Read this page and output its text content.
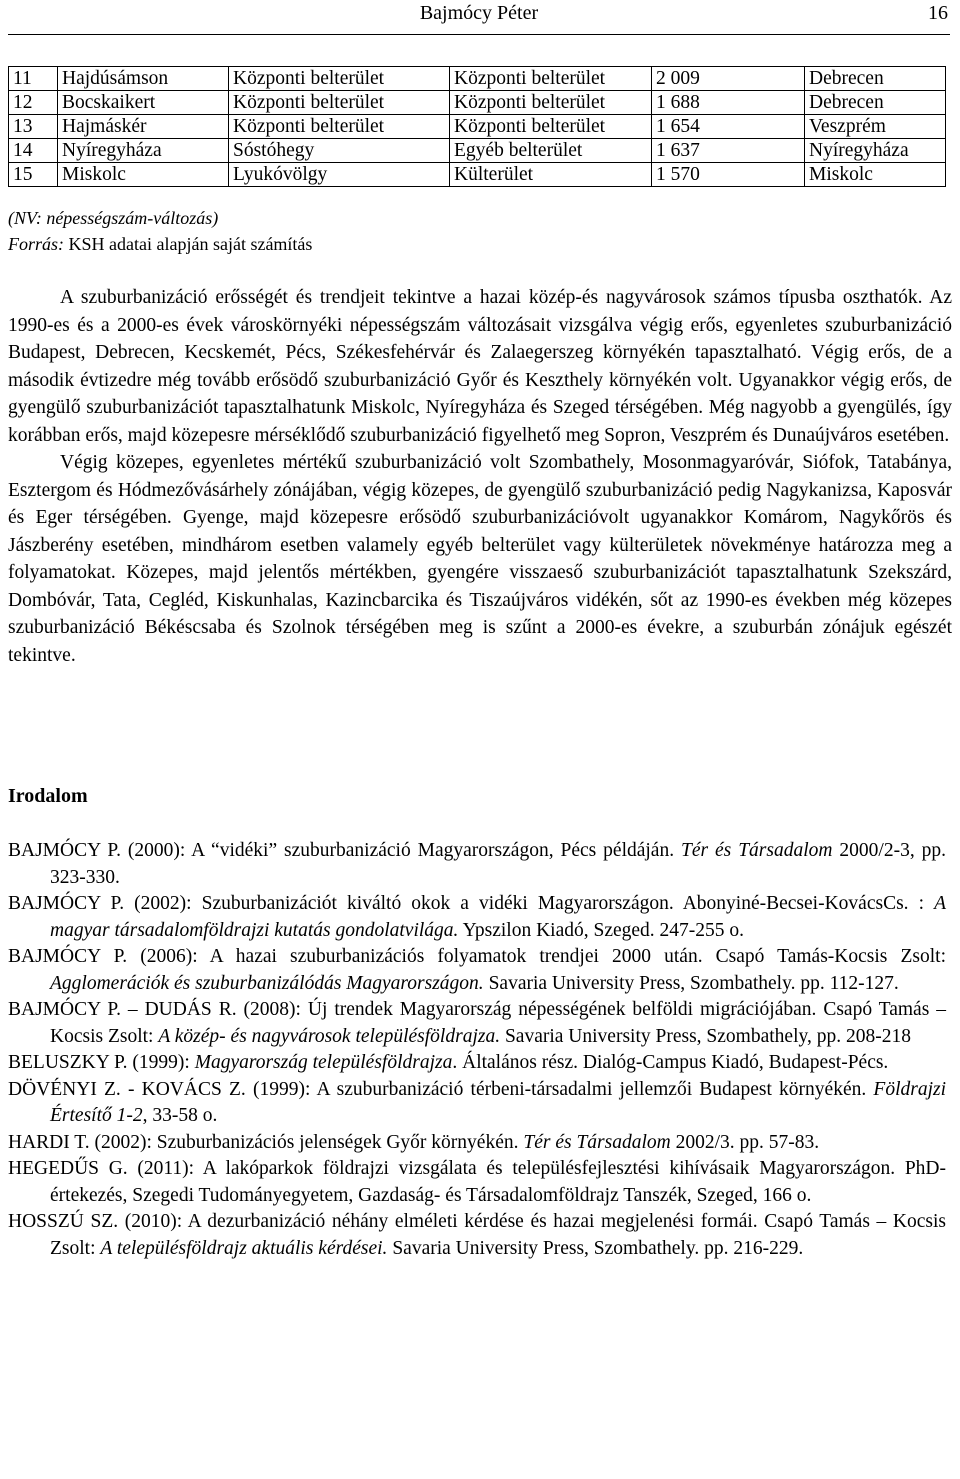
Bajmócy Péter	16
11	Hajdúsámson	Központi belterület	Központi belterület	2 009	Debrecen
12	Bocskaikert	Központi belterület	Központi belterület	1 688	Debrecen
13	Hajmáskér	Központi belterület	Központi belterület	1 654	Veszprém
14	Nyíregyháza	Sóstóhegy	Egyéb belterület	1 637	Nyíregyháza
15	Miskolc	Lyukóvölgy	Külterület	1 570	Miskolc
(NV: népességszám-változás)
Forrás: KSH adatai alapján saját számítás

A szuburbanizáció erősségét és trendjeit tekintve a hazai közép-és nagyvárosok számos típusba oszthatók. Az 1990-es és a 2000-es évek városkörnyéki népességszám változásait vizsgálva végig erős, egyenletes szuburbanizáció Budapest, Debrecen, Kecskemét, Pécs, Székesfehérvár és Zalaegerszeg környékén tapasztalható. Végig erős, de a második évtizedre még tovább erősödő szuburbanizáció Győr és Keszthely környékén volt. Ugyanakkor végig erős, de gyengülő szuburbanizációt tapasztalhatunk Miskolc, Nyíregyháza és Szeged térségében. Még nagyobb a gyengülés, így korábban erős, majd közepesre mérséklődő szuburbanizáció figyelhető meg Sopron, Veszprém és Dunaújváros esetében.

Végig közepes, egyenletes mértékű szuburbanizáció volt Szombathely, Mosonmagyaróvár, Siófok, Tatabánya, Esztergom és Hódmezővásárhely zónájában, végig közepes, de gyengülő szuburbanizáció pedig Nagykanizsa, Kaposvár és Eger térségében. Gyenge, majd közepesre erősödő szuburbanizációvolt ugyanakkor Komárom, Nagykőrös és Jászberény esetében, mindhárom esetben valamely egyéb belterület vagy külterületek növekménye határozza meg a folyamatokat. Közepes, majd jelentős mértékben, gyengére visszaeső szuburbanizációt tapasztalhatunk Szekszárd, Dombóvár, Tata, Cegléd, Kiskunhalas, Kazincbarcika és Tiszaújváros vidékén, sőt az 1990-es években még közepes szuburbanizáció Békéscsaba és Szolnok térségében meg is szűnt a 2000-es évekre, a szuburbán zónájuk egészét tekintve.

Irodalom

BAJMÓCY P. (2000): A “vidéki” szuburbanizáció Magyarországon, Pécs példáján. Tér és Társadalom 2000/2-3, pp. 323-330.

BAJMÓCY P. (2002): Szuburbanizációt kiváltó okok a vidéki Magyarországon. Abonyiné-Becsei-KovácsCs. : A magyar társadalomföldrajzi kutatás gondolatvilága. Ypszilon Kiadó, Szeged. 247-255 o.

BAJMÓCY P. (2006): A hazai szuburbanizációs folyamatok trendjei 2000 után. Csapó Tamás-Kocsis Zsolt: Agglomerációk és szuburbanizálódás Magyarországon. Savaria University Press, Szombathely. pp. 112-127.

BAJMÓCY P. – DUDÁS R. (2008): Új trendek Magyarország népességének belföldi migrációjában. Csapó Tamás – Kocsis Zsolt: A közép- és nagyvárosok településföldrajza. Savaria University Press, Szombathely, pp. 208-218

BELUSZKY P. (1999): Magyarország településföldrajza. Általános rész. Dialóg-Campus Kiadó, Budapest-Pécs.

DÖVÉNYI Z. - KOVÁCS Z. (1999): A szuburbanizáció térbeni-társadalmi jellemzői Budapest környékén. Földrajzi Értesítő 1-2, 33-58 o.

HARDI T. (2002): Szuburbanizációs jelenségek Győr környékén. Tér és Társadalom 2002/3. pp. 57-83.

HEGEDŰS G. (2011): A lakóparkok földrajzi vizsgálata és településfejlesztési kihívásaik Magyarországon. PhD-értekezés, Szegedi Tudományegyetem, Gazdaság- és Társadalomföldrajz Tanszék, Szeged, 166 o.

HOSSZÚ SZ. (2010): A dezurbanizáció néhány elméleti kérdése és hazai megjelenési formái. Csapó Tamás – Kocsis Zsolt: A településföldrajz aktuális kérdései. Savaria University Press, Szombathely. pp. 216-229.
